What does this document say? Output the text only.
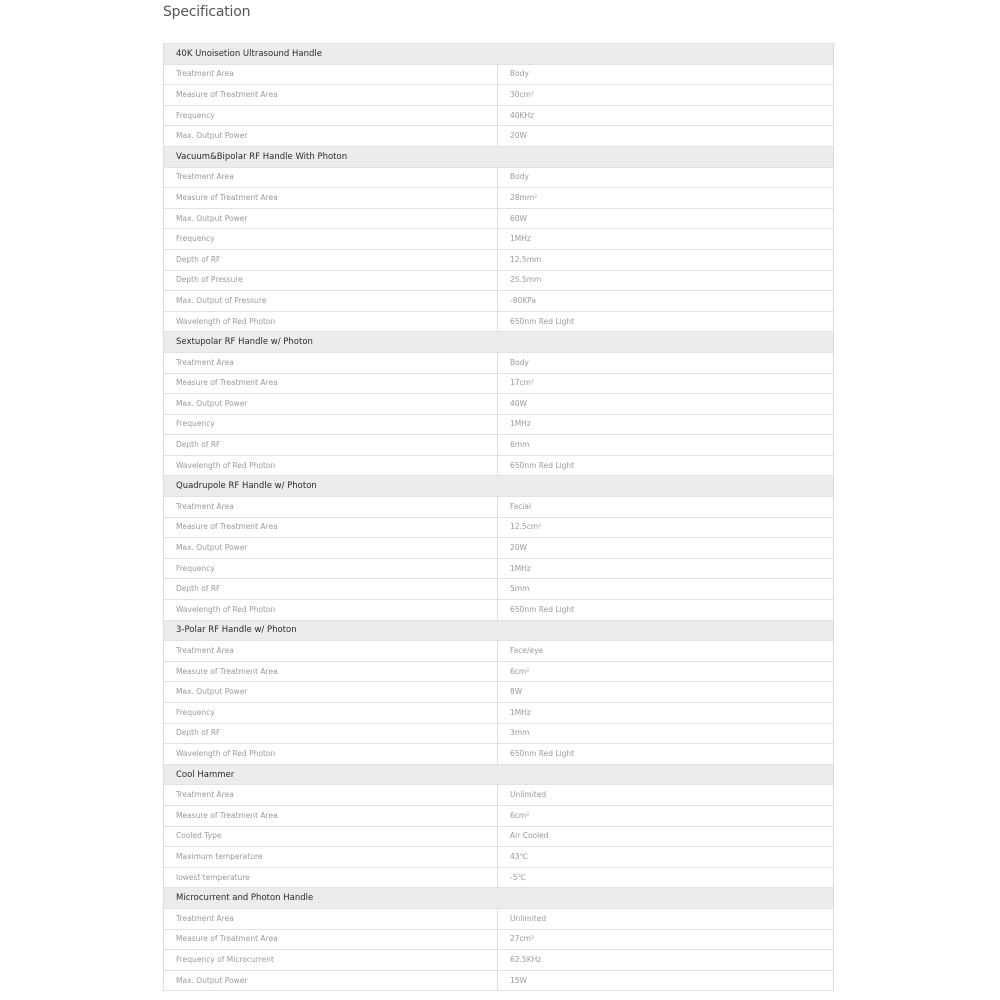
Specification
40K Unoisetion Ultrasound Handle	
Treatment Area	Body
Measure of Treatment Area	30cm²
Frequency	40KHz
Max. Output Power	20W
Vacuum&Bipolar RF Handle With Photon	
Treatment Area	Body
Measure of Treatment Area	28mm²
Max. Output Power	60W
Frequency	1MHz
Depth of RF	12.5mm
Depth of Pressure	25.5mm
Max. Output of Pressure	-80KPa
Wavelength of Red Photon	650nm Red Light
Sextupolar RF Handle w/ Photon	
Treatment Area	Body
Measure of Treatment Area	17cm²
Max. Output Power	40W
Frequency	1MHz
Depth of RF	6mm
Wavelength of Red Photon	650nm Red Light
Quadrupole RF Handle w/ Photon	
Treatment Area	Facial
Measure of Treatment Area	12.5cm²
Max. Output Power	20W
Frequency	1MHz
Depth of RF	5mm
Wavelength of Red Photon	650nm Red Light
3-Polar RF Handle w/ Photon	
Treatment Area	Face/eye
Measure of Treatment Area	6cm²
Max. Output Power	8W
Frequency	1MHz
Depth of RF	3mm
Wavelength of Red Photon	650nm Red Light
Cool Hammer	
Treatment Area	Unlimited
Measure of Treatment Area	6cm²
Cooled Type	Air Cooled
Maximum temperature	43℃
lowest temperature	-5℃
Microcurrent and Photon Handle	
Treatment Area	Unlimited
Measure of Treatment Area	27cm²
Frequency of Microcurrent	62.5KHz
Max. Output Power	15W
